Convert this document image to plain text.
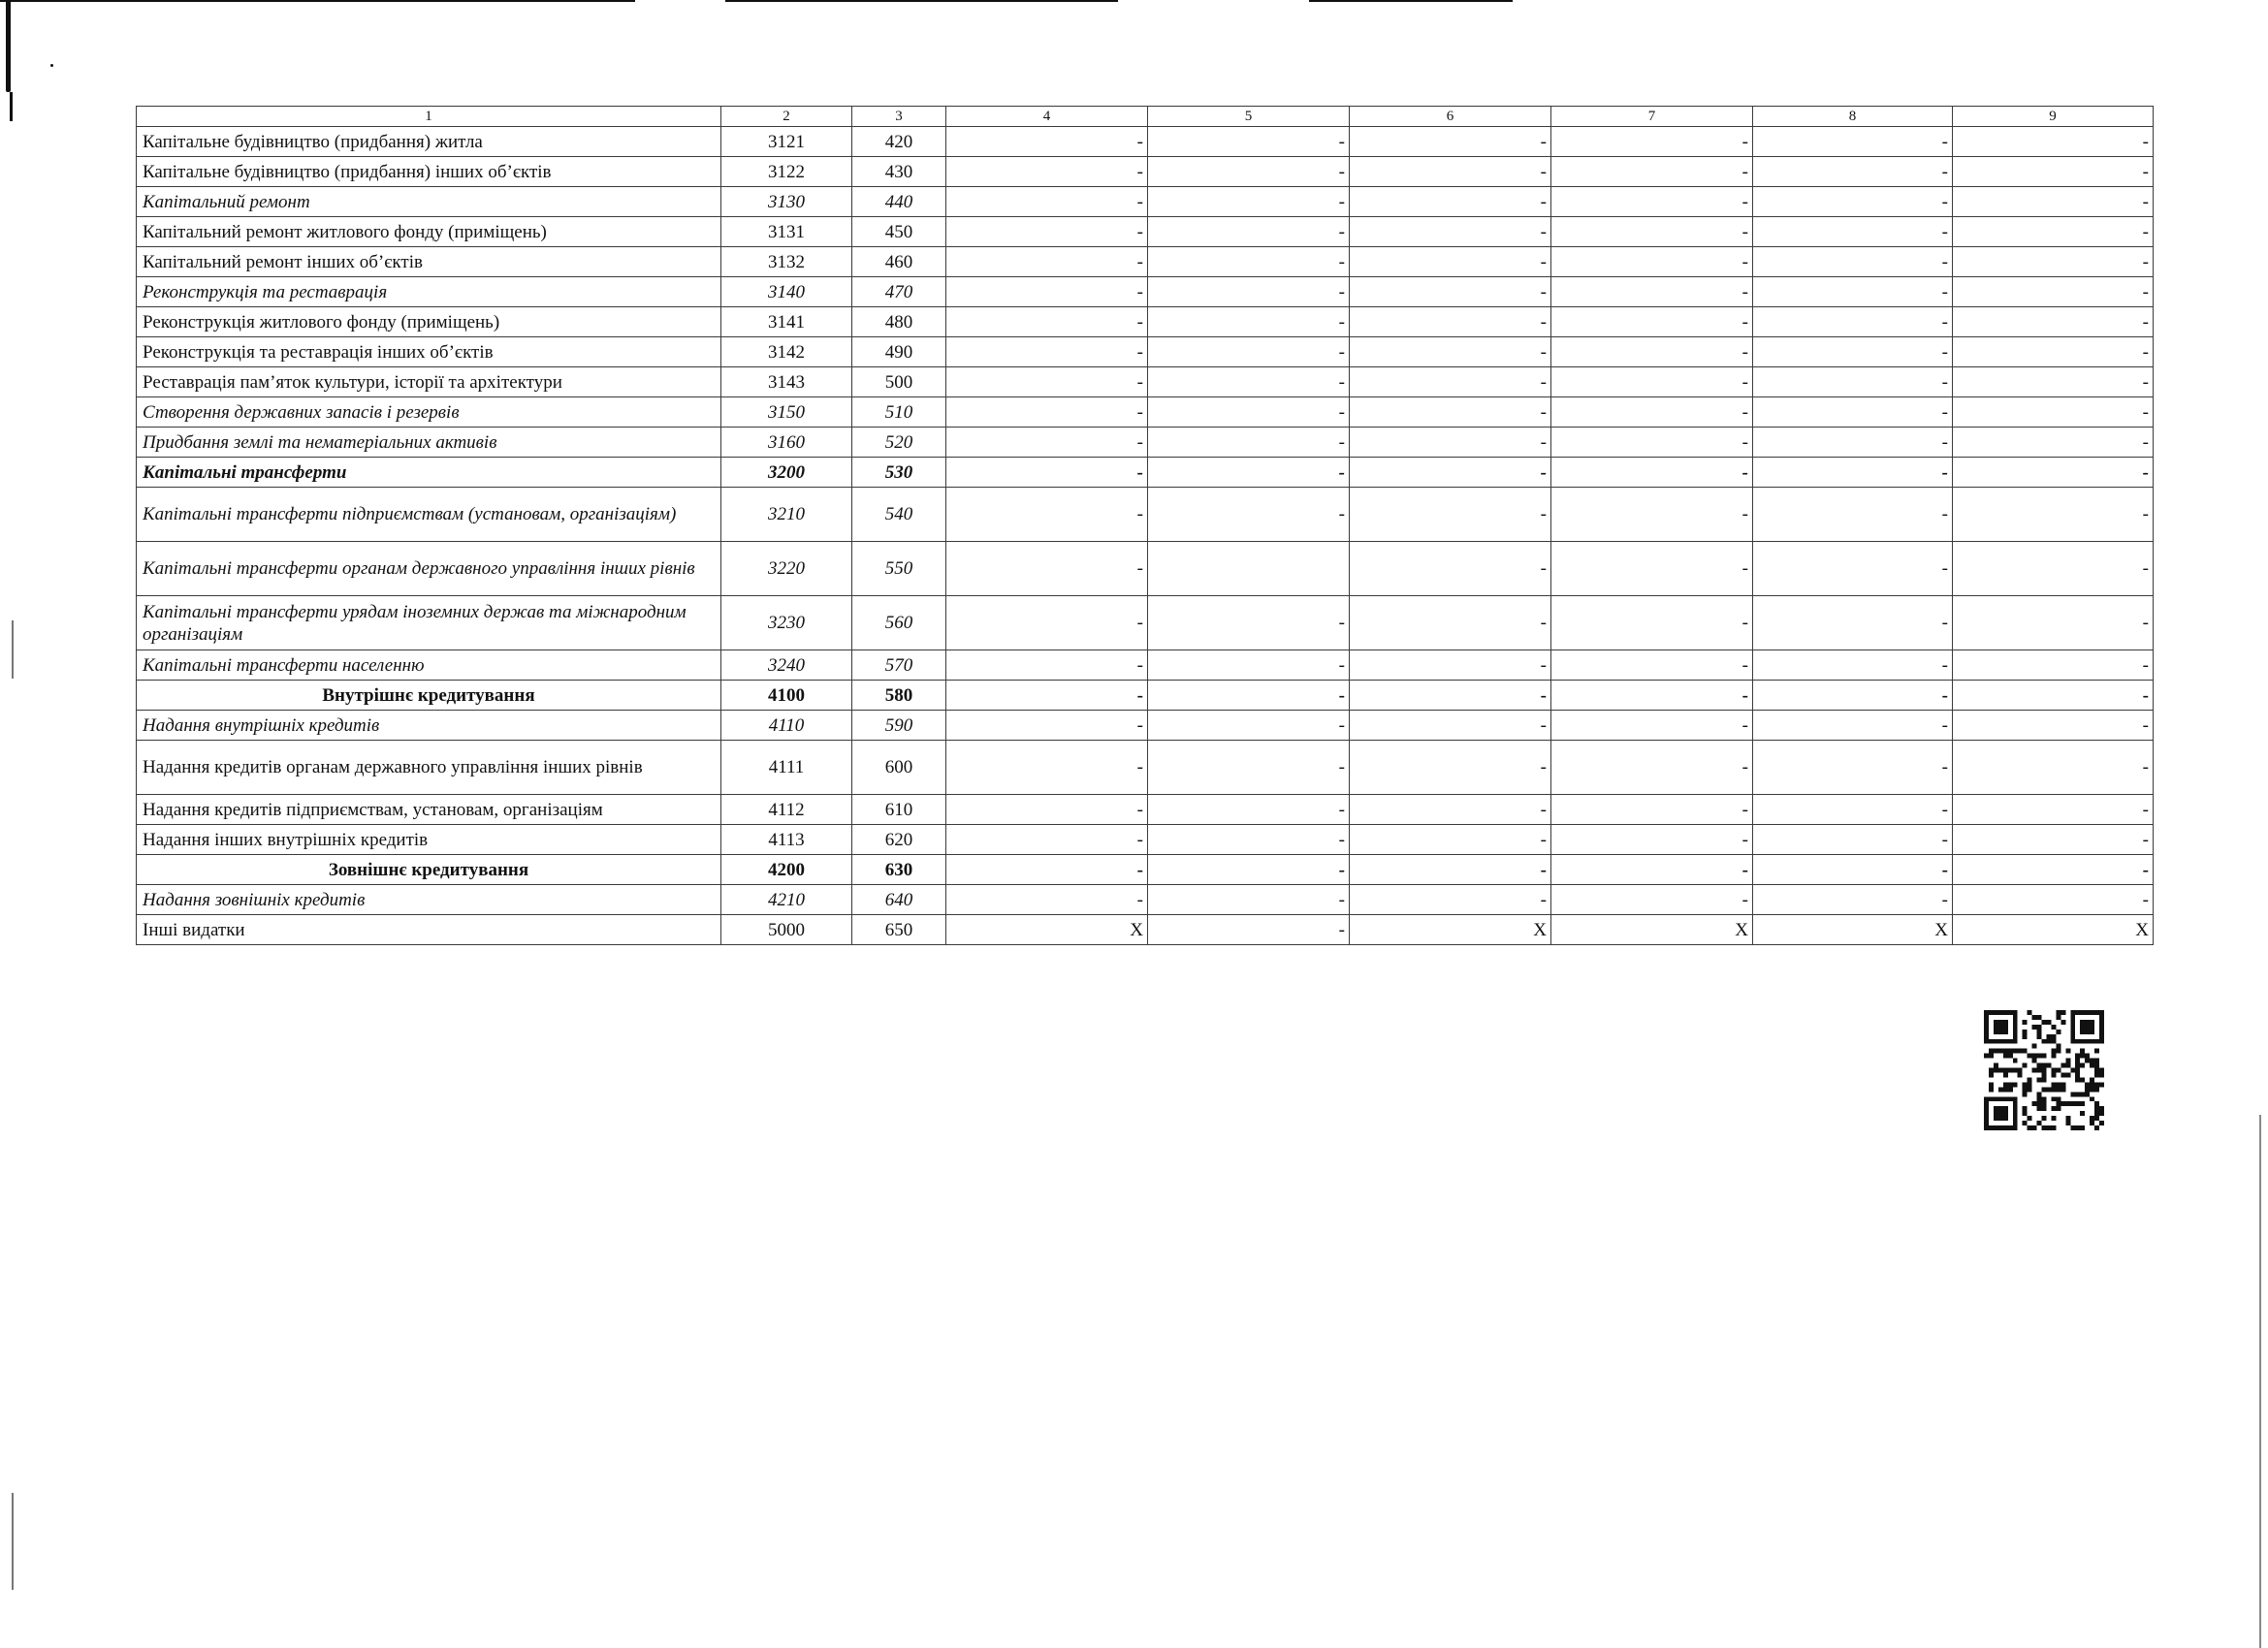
1	2	3	4	5	6	7	8	9
Капітальне будівництво (придбання) житла	3121	420	-	-	-	-	-	-
Капітальне будівництво (придбання) інших об’єктів	3122	430	-	-	-	-	-	-
Капітальний ремонт	3130	440	-	-	-	-	-	-
Капітальний ремонт житлового фонду (приміщень)	3131	450	-	-	-	-	-	-
Капітальний ремонт інших об’єктів	3132	460	-	-	-	-	-	-
Реконструкція та реставрація	3140	470	-	-	-	-	-	-
Реконструкція житлового фонду (приміщень)	3141	480	-	-	-	-	-	-
Реконструкція та реставрація інших об’єктів	3142	490	-	-	-	-	-	-
Реставрація пам’яток культури, історії та архітектури	3143	500	-	-	-	-	-	-
Створення державних запасів і резервів	3150	510	-	-	-	-	-	-
Придбання землі та нематеріальних активів	3160	520	-	-	-	-	-	-
Капітальні трансферти	3200	530	-	-	-	-	-	-
Капітальні трансферти підприємствам (установам, організаціям)	3210	540	-	-	-	-	-	-
Капітальні трансферти органам державного управління інших рівнів	3220	550	-		-	-	-	-
Капітальні трансферти урядам іноземних держав та міжнародним організаціям	3230	560	-	-	-	-	-	-
Капітальні трансферти населенню	3240	570	-	-	-	-	-	-
Внутрішнє кредитування	4100	580	-	-	-	-	-	-
Надання внутрішніх кредитів	4110	590	-	-	-	-	-	-
Надання кредитів органам державного управління інших рівнів	4111	600	-	-	-	-	-	-
Надання кредитів підприємствам, установам, організаціям	4112	610	-	-	-	-	-	-
Надання інших внутрішніх кредитів	4113	620	-	-	-	-	-	-
Зовнішнє кредитування	4200	630	-	-	-	-	-	-
Надання зовнішніх кредитів	4210	640	-	-	-	-	-	-
Інші видатки	5000	650	X	-	X	X	X	X
